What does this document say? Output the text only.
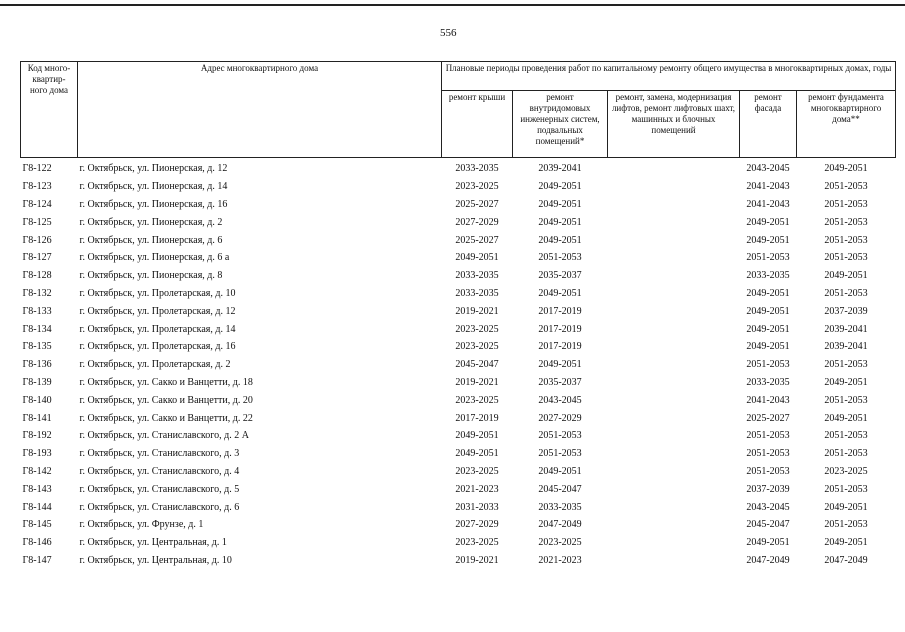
556
Код много- квартир- ного дома	Адрес многоквартирного дома	Плановые периоды проведения работ по капитальному ремонту общего имущества в многоквартирных домах, годы				
		ремонт крыши	ремонт внутридомовых инженерных систем, подвальных помещений*	ремонт, замена, модернизация лифтов, ремонт лифтовых шахт, машинных и блочных помещений	ремонт фасада	ремонт фундамента многоквартирного дома**
Г8-122	г. Октябрьск, ул. Пионерская, д. 12	2033-2035	2039-2041		2043-2045	2049-2051
Г8-123	г. Октябрьск, ул. Пионерская, д. 14	2023-2025	2049-2051		2041-2043	2051-2053
Г8-124	г. Октябрьск, ул. Пионерская, д. 16	2025-2027	2049-2051		2041-2043	2051-2053
Г8-125	г. Октябрьск, ул. Пионерская, д. 2	2027-2029	2049-2051		2049-2051	2051-2053
Г8-126	г. Октябрьск, ул. Пионерская, д. 6	2025-2027	2049-2051		2049-2051	2051-2053
Г8-127	г. Октябрьск, ул. Пионерская, д. 6 а	2049-2051	2051-2053		2051-2053	2051-2053
Г8-128	г. Октябрьск, ул. Пионерская, д. 8	2033-2035	2035-2037		2033-2035	2049-2051
Г8-132	г. Октябрьск, ул. Пролетарская, д. 10	2033-2035	2049-2051		2049-2051	2051-2053
Г8-133	г. Октябрьск, ул. Пролетарская, д. 12	2019-2021	2017-2019		2049-2051	2037-2039
Г8-134	г. Октябрьск, ул. Пролетарская, д. 14	2023-2025	2017-2019		2049-2051	2039-2041
Г8-135	г. Октябрьск, ул. Пролетарская, д. 16	2023-2025	2017-2019		2049-2051	2039-2041
Г8-136	г. Октябрьск, ул. Пролетарская, д. 2	2045-2047	2049-2051		2051-2053	2051-2053
Г8-139	г. Октябрьск, ул. Сакко и Ванцетти, д. 18	2019-2021	2035-2037		2033-2035	2049-2051
Г8-140	г. Октябрьск, ул. Сакко и Ванцетти, д. 20	2023-2025	2043-2045		2041-2043	2051-2053
Г8-141	г. Октябрьск, ул. Сакко и Ванцетти, д. 22	2017-2019	2027-2029		2025-2027	2049-2051
Г8-192	г. Октябрьск, ул. Станиславского, д. 2 А	2049-2051	2051-2053		2051-2053	2051-2053
Г8-193	г. Октябрьск, ул. Станиславского, д. 3	2049-2051	2051-2053		2051-2053	2051-2053
Г8-142	г. Октябрьск, ул. Станиславского, д. 4	2023-2025	2049-2051		2051-2053	2023-2025
Г8-143	г. Октябрьск, ул. Станиславского, д. 5	2021-2023	2045-2047		2037-2039	2051-2053
Г8-144	г. Октябрьск, ул. Станиславского, д. 6	2031-2033	2033-2035		2043-2045	2049-2051
Г8-145	г. Октябрьск, ул. Фрунзе, д. 1	2027-2029	2047-2049		2045-2047	2051-2053
Г8-146	г. Октябрьск, ул. Центральная, д. 1	2023-2025	2023-2025		2049-2051	2049-2051
Г8-147	г. Октябрьск, ул. Центральная, д. 10	2019-2021	2021-2023		2047-2049	2047-2049
